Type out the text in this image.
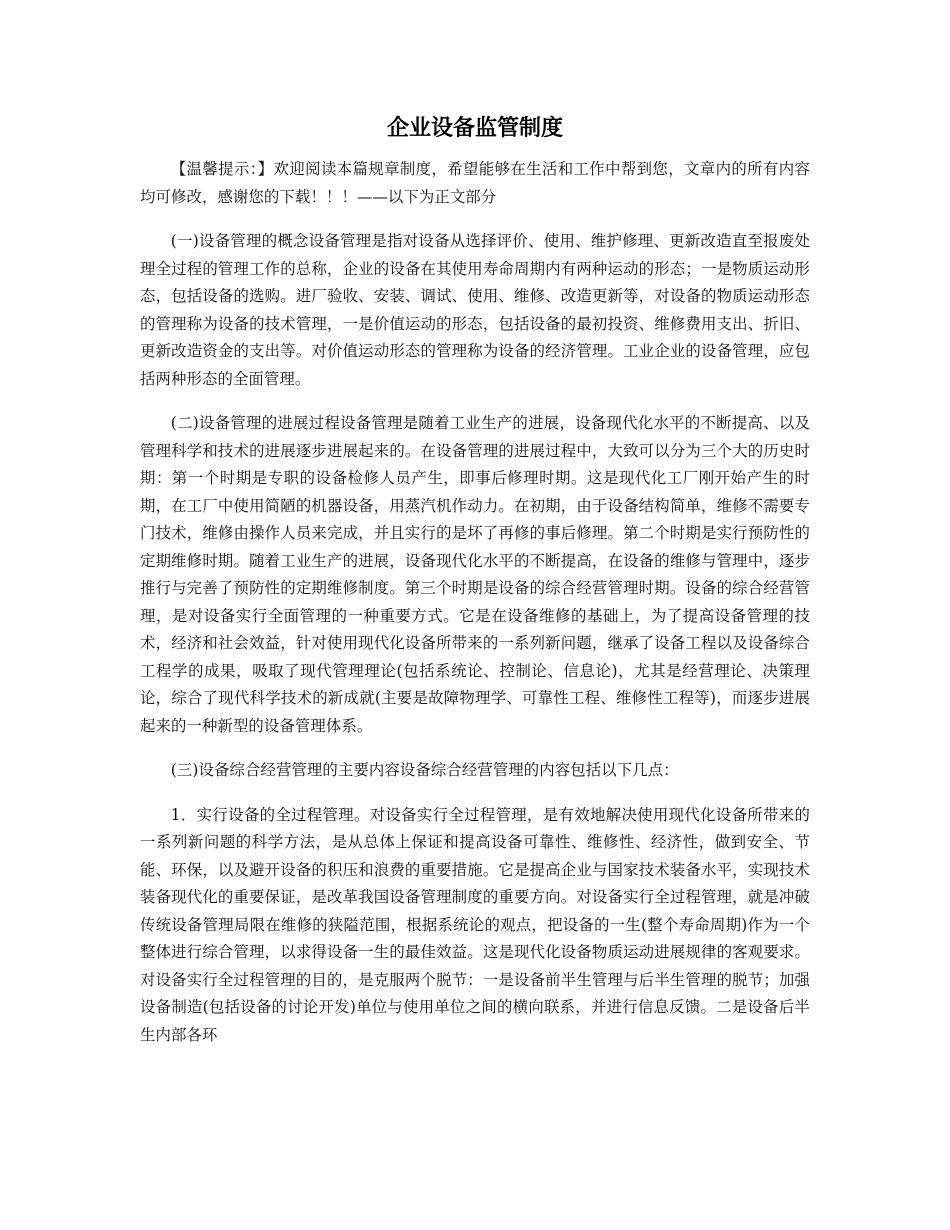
企业设备监管制度

【温馨提示：】欢迎阅读本篇规章制度，希望能够在生活和工作中帮到您，文章内的所有内容均可修改，感谢您的下载！！！——以下为正文部分

(一)设备管理的概念设备管理是指对设备从选择评价、使用、维护修理、更新改造直至报废处理全过程的管理工作的总称，企业的设备在其使用寿命周期内有两种运动的形态；一是物质运动形态，包括设备的选购。进厂验收、安装、调试、使用、维修、改造更新等，对设备的物质运动形态的管理称为设备的技术管理，一是价值运动的形态，包括设备的最初投资、维修费用支出、折旧、更新改造资金的支出等。对价值运动形态的管理称为设备的经济管理。工业企业的设备管理，应包括两种形态的全面管理。

(二)设备管理的进展过程设备管理是随着工业生产的进展，设备现代化水平的不断提高、以及管理科学和技术的进展逐步进展起来的。在设备管理的进展过程中，大致可以分为三个大的历史时期：第一个时期是专职的设备检修人员产生，即事后修理时期。这是现代化工厂刚开始产生的时期，在工厂中使用简陋的机器设备，用蒸汽机作动力。在初期，由于设备结构简单，维修不需要专门技术，维修由操作人员来完成，并且实行的是坏了再修的事后修理。第二个时期是实行预防性的定期维修时期。随着工业生产的进展，设备现代化水平的不断提高，在设备的维修与管理中，逐步推行与完善了预防性的定期维修制度。第三个时期是设备的综合经营管理时期。设备的综合经营管理，是对设备实行全面管理的一种重要方式。它是在设备维修的基础上，为了提高设备管理的技术，经济和社会效益，针对使用现代化设备所带来的一系列新问题，继承了设备工程以及设备综合工程学的成果，吸取了现代管理理论(包括系统论、控制论、信息论)，尤其是经营理论、决策理论，综合了现代科学技术的新成就(主要是故障物理学、可靠性工程、维修性工程等)，而逐步进展起来的一种新型的设备管理体系。

(三)设备综合经营管理的主要内容设备综合经营管理的内容包括以下几点：

1．实行设备的全过程管理。对设备实行全过程管理，是有效地解决使用现代化设备所带来的一系列新问题的科学方法，是从总体上保证和提高设备可靠性、维修性、经济性，做到安全、节能、环保，以及避开设备的积压和浪费的重要措施。它是提高企业与国家技术装备水平，实现技术装备现代化的重要保证，是改革我国设备管理制度的重要方向。对设备实行全过程管理，就是冲破传统设备管理局限在维修的狭隘范围，根据系统论的观点，把设备的一生(整个寿命周期)作为一个整体进行综合管理，以求得设备一生的最佳效益。这是现代化设备物质运动进展规律的客观要求。对设备实行全过程管理的目的，是克服两个脱节：一是设备前半生管理与后半生管理的脱节；加强设备制造(包括设备的讨论开发)单位与使用单位之间的横向联系，并进行信息反馈。二是设备后半生内部各环
